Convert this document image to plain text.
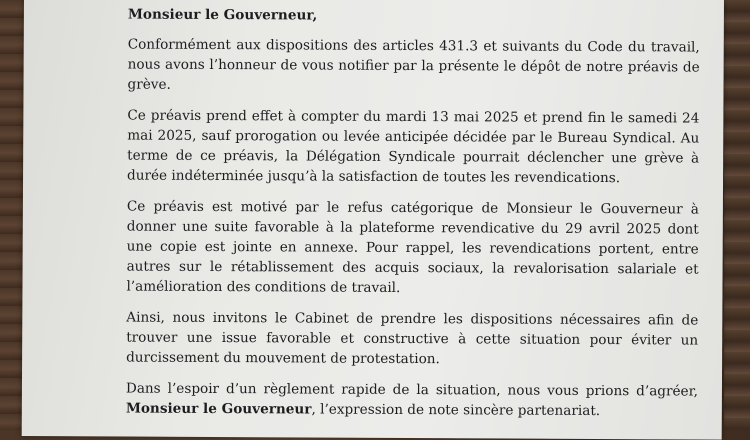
Monsieur le Gouverneur,

Conformément aux dispositions des articles 431.3 et suivants du Code du travail, nous avons l’honneur de vous notifier par la présente le dépôt de notre préavis de grève.

Ce préavis prend effet à compter du mardi 13 mai 2025 et prend fin le samedi 24 mai 2025, sauf prorogation ou levée anticipée décidée par le Bureau Syndical. Au terme de ce préavis, la Délégation Syndicale pourrait déclencher une grève à durée indéterminée jusqu’à la satisfaction de toutes les revendications.

Ce préavis est motivé par le refus catégorique de Monsieur le Gouverneur à donner une suite favorable à la plateforme revendicative du 29 avril 2025 dont une copie est jointe en annexe. Pour rappel, les revendications portent, entre autres sur le rétablissement des acquis sociaux, la revalorisation salariale et l’amélioration des conditions de travail.

Ainsi, nous invitons le Cabinet de prendre les dispositions nécessaires afin de trouver une issue favorable et constructive à cette situation pour éviter un durcissement du mouvement de protestation.

Dans l’espoir d’un règlement rapide de la situation, nous vous prions d’agréer, Monsieur le Gouverneur, l’expression de note sincère partenariat.
